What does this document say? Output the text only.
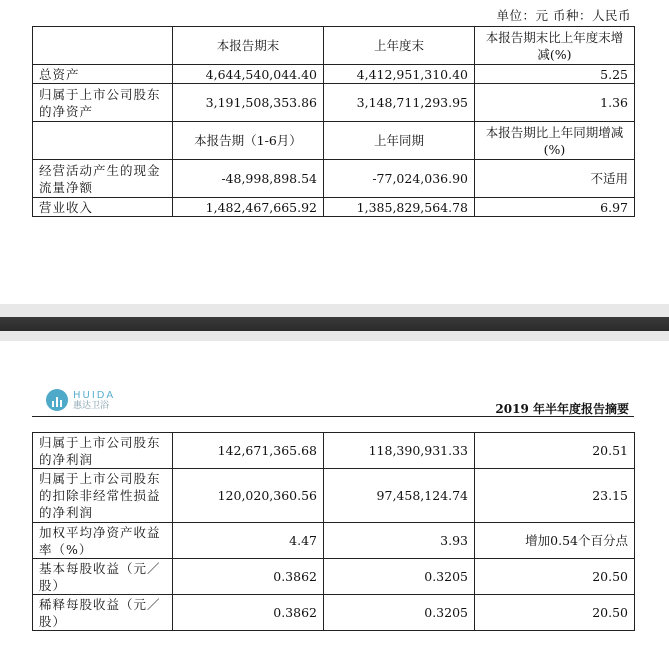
单位：元 币种：人民币
	本报告期末	上年度末	本报告期末比上年度末增减(%)
总资产	4,644,540,044.40	4,412,951,310.40	5.25
归属于上市公司股东的净资产	3,191,508,353.86	3,148,711,293.95	1.36
	本报告期（1-6月）	上年同期	本报告期比上年同期增减(%)
经营活动产生的现金流量净额	-48,998,898.54	-77,024,036.90	不适用
营业收入	1,482,467,665.92	1,385,829,564.78	6.97
HUIDA
惠达卫浴	2019 年半年度报告摘要
归属于上市公司股东的净利润	142,671,365.68	118,390,931.33	20.51
归属于上市公司股东的扣除非经常性损益的净利润	120,020,360.56	97,458,124.74	23.15
加权平均净资产收益率（%）	4.47	3.93	增加0.54个百分点
基本每股收益（元／股）	0.3862	0.3205	20.50
稀释每股收益（元／股）	0.3862	0.3205	20.50
